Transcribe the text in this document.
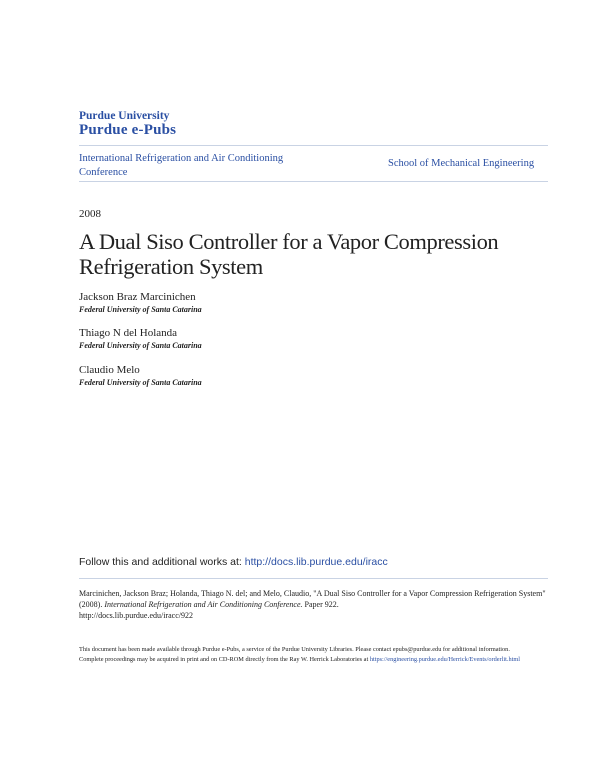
Purdue University
Purdue e-Pubs
International Refrigeration and Air Conditioning Conference
School of Mechanical Engineering
2008
A Dual Siso Controller for a Vapor Compression Refrigeration System
Jackson Braz Marcinichen
Federal University of Santa Catarina
Thiago N del Holanda
Federal University of Santa Catarina
Claudio Melo
Federal University of Santa Catarina
Follow this and additional works at: http://docs.lib.purdue.edu/iracc
Marcinichen, Jackson Braz; Holanda, Thiago N. del; and Melo, Claudio, "A Dual Siso Controller for a Vapor Compression Refrigeration System" (2008). International Refrigeration and Air Conditioning Conference. Paper 922.
http://docs.lib.purdue.edu/iracc/922
This document has been made available through Purdue e-Pubs, a service of the Purdue University Libraries. Please contact epubs@purdue.edu for additional information.
Complete proceedings may be acquired in print and on CD-ROM directly from the Ray W. Herrick Laboratories at https://engineering.purdue.edu/Herrick/Events/orderlit.html
